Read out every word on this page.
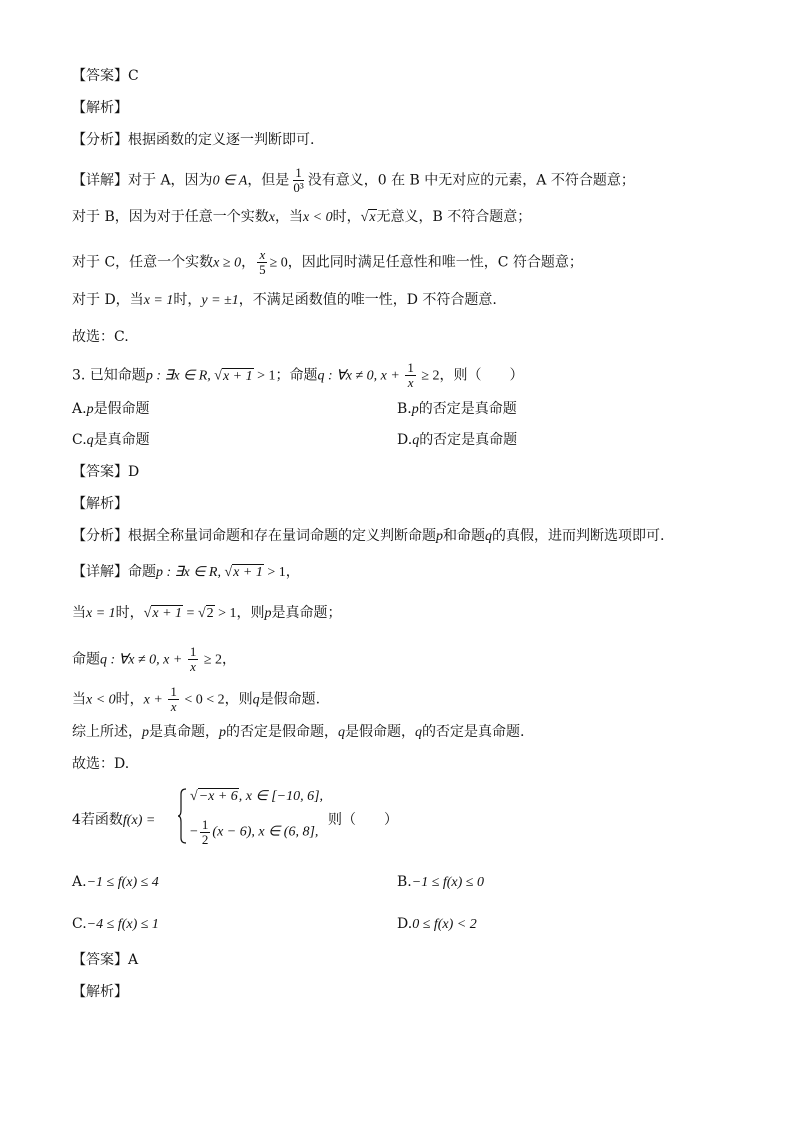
【答案】C
【解析】
【分析】根据函数的定义逐一判断即可.
【详解】对于 A，因为0 ∈ A，但是 $\frac{1}{\text{0³}}$ 没有意义，0 在 B 中无对应的元素，A 不符合题意；
对于 B，因为对于任意一个实数x，当x < 0时，√x无意义，B 不符合题意；
对于 C，任意一个实数x ≥ 0， $\frac{x}{5} \ge 0$，因此同时满足任意性和唯一性，C 符合题意；
对于 D，当x = 1时，y = ±1，不满足函数值的唯一性，D 不符合题意.
故选：C.
3. 已知命题p : ∃x ∈ R, √x + 1 > 1；命题q : ∀x ≠ 0, $x + \frac{1}{x} \ge 2$，则（　　）
A.p是假命题	B.p的否定是真命题
C.q是真命题	D.q的否定是真命题
【答案】D
【解析】
【分析】根据全称量词命题和存在量词命题的定义判断命题p和命题q的真假，进而判断选项即可.
【详解】命题p : ∃x ∈ R, √x + 1 > 1，
当x = 1时，√x + 1 = √2 > 1，则p是真命题；
命题q : ∀x ≠ 0, $x + \frac{1}{x} \ge 2$，
当x < 0时，$x + \frac{1}{x} < 0 < 2$，则q是假命题.
综上所述，p是真命题，p的否定是假命题，q是假命题，q的否定是真命题.
故选：D.
4若函数f(x) =
√−x + 6, x ∈ [−10, 6],
− $\frac{1}{2} (x - 6)$, x ∈ (6, 8],
则（　　）
A.−1 ≤ f(x) ≤ 4	B.−1 ≤ f(x) ≤ 0
C.−4 ≤ f(x) ≤ 1	D.0 ≤ f(x) < 2
【答案】A
【解析】
